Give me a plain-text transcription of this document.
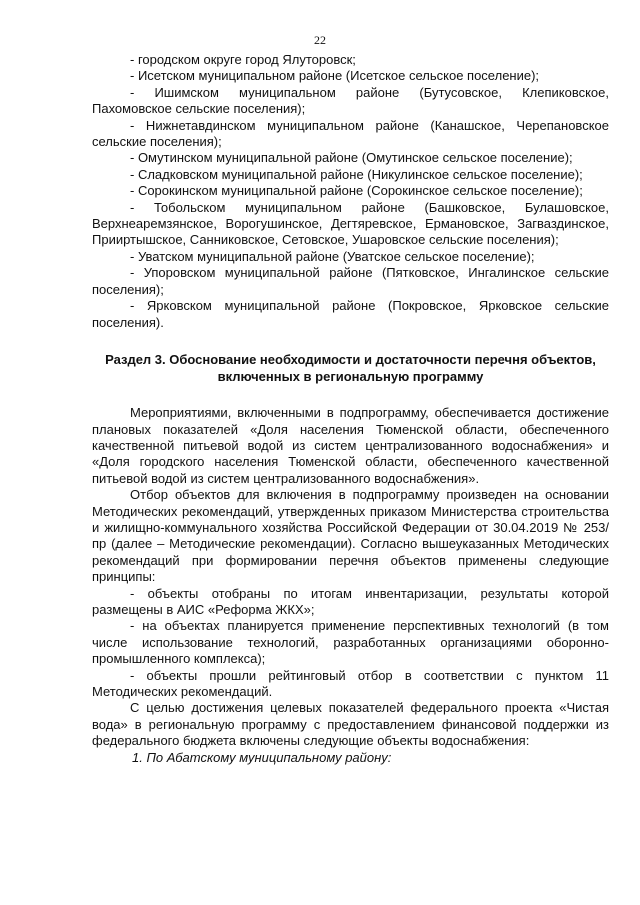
22

- городском округе город Ялуторовск;

- Исетском муниципальном районе (Исетское сельское поселение);

- Ишимском муниципальном районе (Бутусовское, Клепиковское, Пахомовское сельские поселения);

- Нижнетавдинском муниципальном районе (Канашское, Черепановское сельские поселения);

- Омутинском муниципальной районе (Омутинское сельское поселение);

- Сладковском муниципальной районе (Никулинское сельское поселение);

- Сорокинском муниципальной районе (Сорокинское сельское поселение);

- Тобольском муниципальном районе (Башковское, Булашовское, Верхнеаремзянское, Ворогушинское, Дегтяревское, Ермановское, Загваздинское, Прииртышское, Санниковское, Сетовское, Ушаровское сельские поселения);

- Уватском муниципальной районе (Уватское сельское поселение);

- Упоровском муниципальной районе (Пятковское, Ингалинское сельские поселения);

- Ярковском муниципальной районе (Покровское, Ярковское сельские поселения).

Раздел 3. Обоснование необходимости и достаточности перечня объектов, включенных в региональную программу

Мероприятиями, включенными в подпрограмму, обеспечивается достижение плановых показателей «Доля населения Тюменской области, обеспеченного качественной питьевой водой из систем централизованного водоснабжения» и «Доля городского населения Тюменской области, обеспеченного качественной питьевой водой из систем централизованного водоснабжения».

Отбор объектов для включения в подпрограмму произведен на основании Методических рекомендаций, утвержденных приказом Министерства строительства и жилищно-коммунального хозяйства Российской Федерации от 30.04.2019 № 253/пр (далее – Методические рекомендации). Согласно вышеуказанных Методических рекомендаций при формировании перечня объектов применены следующие принципы:

- объекты отобраны по итогам инвентаризации, результаты которой размещены в АИС «Реформа ЖКХ»;

- на объектах планируется применение перспективных технологий (в том числе использование технологий, разработанных организациями оборонно-промышленного комплекса);

- объекты прошли рейтинговый отбор в соответствии с пунктом 11 Методических рекомендаций.

С целью достижения целевых показателей федерального проекта «Чистая вода» в региональную программу с предоставлением финансовой поддержки из федерального бюджета включены следующие объекты водоснабжения:

1. По Абатскому муниципальному району:
